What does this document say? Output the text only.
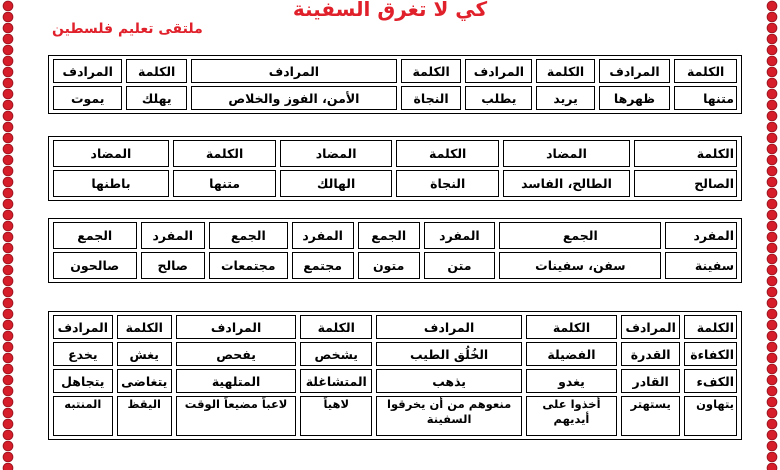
كي لا تغرق السفينة
ملتقى تعليم فلسطين
الكلمة	المرادف	الكلمة	المرادف	الكلمة	المرادف	الكلمة	المرادف
متنها	ظهرها	يريد	يطلب	النجاة	الأمن، الفوز والخلاص	يهلك	يموت
الكلمة	المضاد	الكلمة	المضاد	الكلمة	المضاد
الصالح	الطالح، الفاسد	النجاة	الهالك	متنها	باطنها
المفرد	الجمع	المفرد	الجمع	المفرد	الجمع	المفرد	الجمع
سفينة	سفن، سفينات	متن	متون	مجتمع	مجتمعات	صالح	صالحون
الكلمة	المرادف	الكلمة	المرادف	الكلمة	المرادف	الكلمة	المرادف
الكفاءة	القدرة	الفضيلة	الخُلُق الطيب	يشخص	يفحص	يغش	يخدع
الكفء	القادر	يغدو	يذهب	المتشاغلة	المتلهية	يتغاضى	يتجاهل
يتهاون	يستهتر	أخذوا على أيديهم	منعوهم من أن يخرقوا السفينة	لاهياً	لاعباً مضيعاً الوقت	اليقظ	المنتبه
